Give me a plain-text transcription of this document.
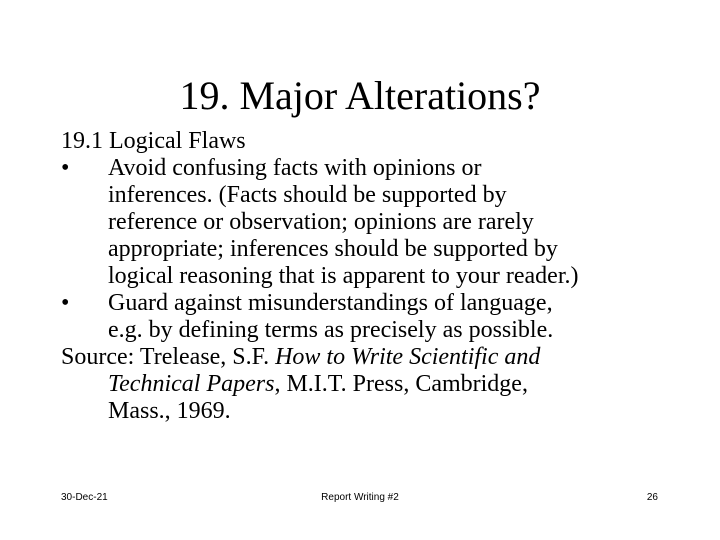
19. Major Alterations?
19.1 Logical Flaws
• Avoid confusing facts with opinions or
inferences. (Facts should be supported by
reference or observation; opinions are rarely
appropriate; inferences should be supported by
logical reasoning that is apparent to your reader.)
• Guard against misunderstandings of language,
e.g. by defining terms as precisely as possible.
Source: Trelease, S.F. How to Write Scientific and
Technical Papers, M.I.T. Press, Cambridge,
Mass., 1969.
30-Dec-21	Report Writing #2	26
